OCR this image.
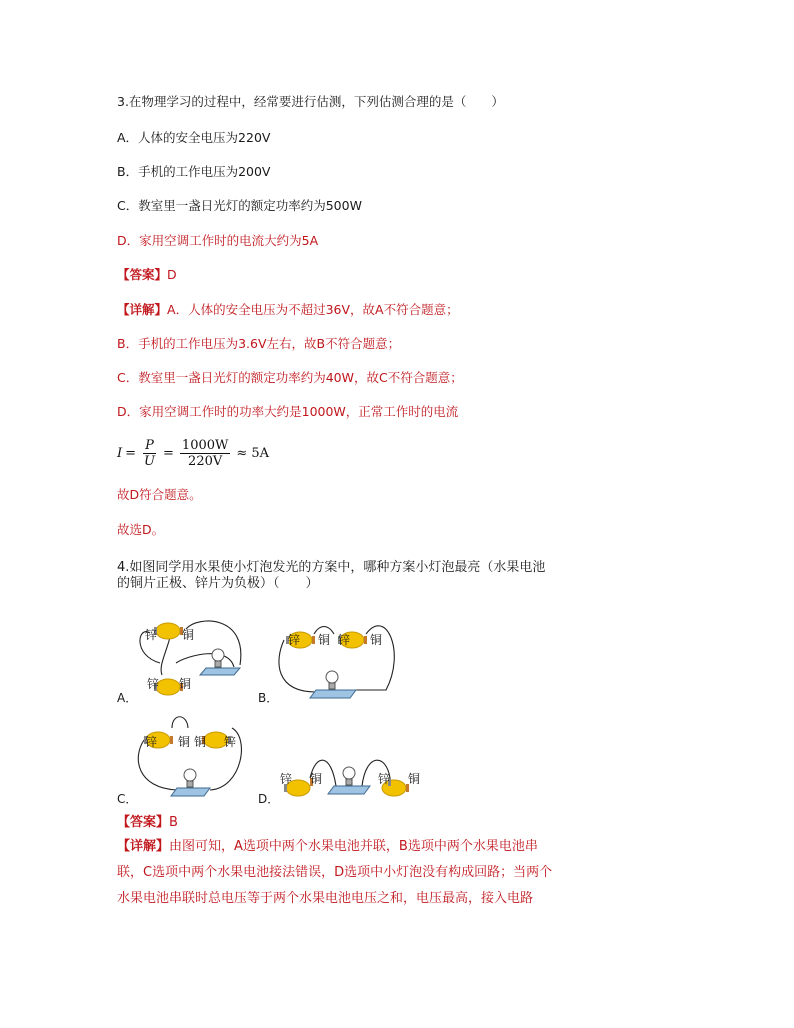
3.在物理学习的过程中，经常要进行估测，下列估测合理的是（　　）
A．人体的安全电压为220V
B．手机的工作电压为200V
C．教室里一盏日光灯的额定功率约为500W
D．家用空调工作时的电流大约为5A
【答案】D
【详解】A．人体的安全电压为不超过36V，故A不符合题意；
B．手机的工作电压为3.6V左右，故B不符合题意；
C．教室里一盏日光灯的额定功率约为40W，故C不符合题意；
D．家用空调工作时的功率大约是1000W，正常工作时的电流
$I = \frac{P}{U} = \frac{1000W}{220V} \approx 5A$
故D符合题意。
故选D。
4.如图同学用水果使小灯泡发光的方案中，哪种方案小灯泡最亮（水果电池
的铜片正极、锌片为负极）（　　）
锌 铜
锌 铜
A．
锌 铜 锌 铜
B．
锌 铜 铜 锌
C．
锌 铜	锌 铜
D．
【答案】B
【详解】由图可知，A选项中两个水果电池并联，B选项中两个水果电池串
联，C选项中两个水果电池接法错误，D选项中小灯泡没有构成回路；当两个
水果电池串联时总电压等于两个水果电池电压之和，电压最高，接入电路
